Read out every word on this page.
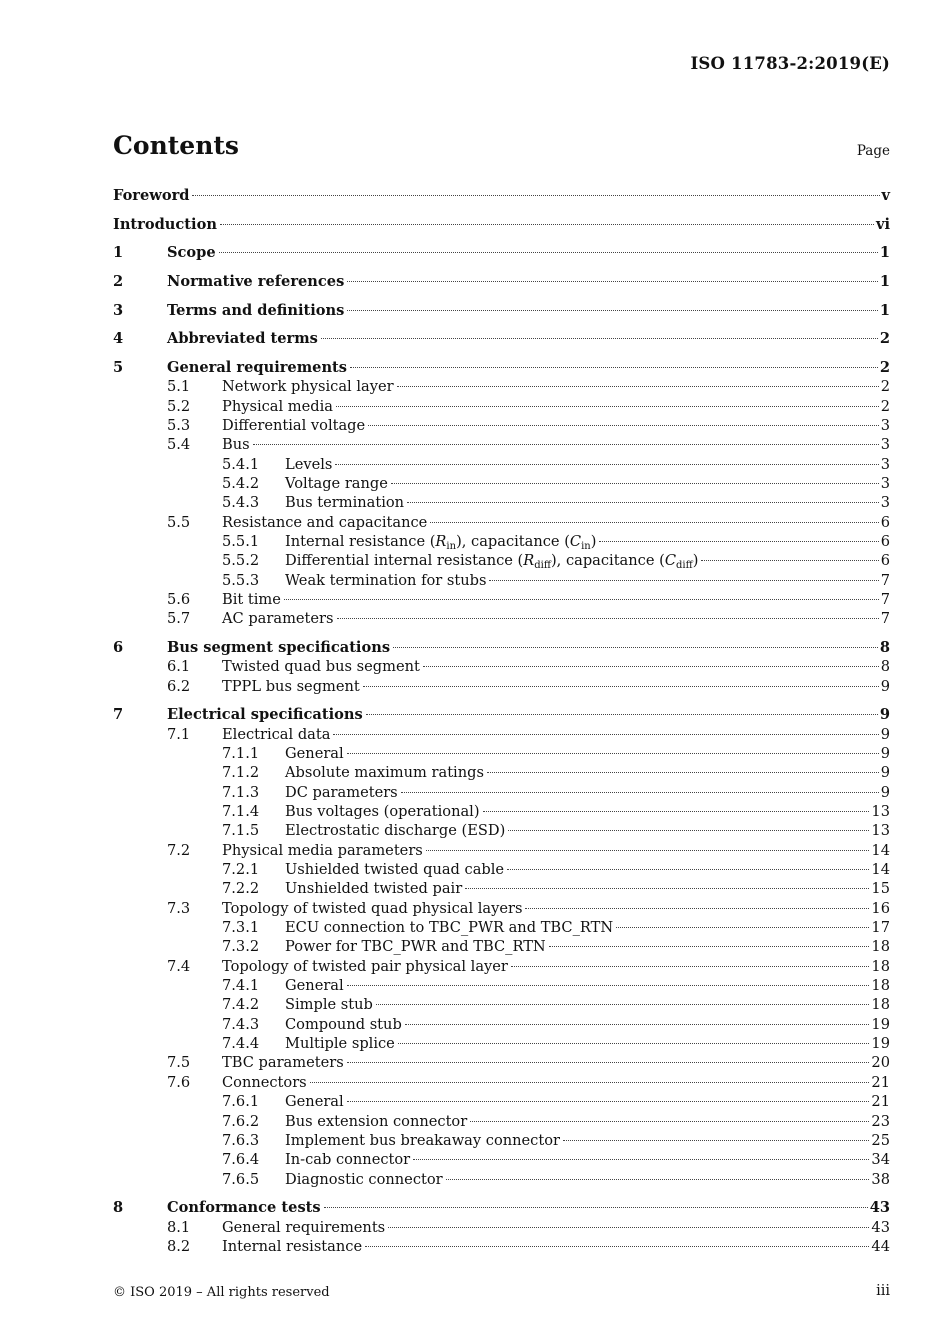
ISO 11783-2:2019(E)
Contents	Page
Foreword	v
Introduction	vi
1	Scope	1
2	Normative references	1
3	Terms and definitions	1
4	Abbreviated terms	2
5	General requirements	2
5.1 Network physical layer	2
5.2 Physical media	2
5.3 Differential voltage	3
5.4 Bus	3
5.4.1 Levels	3
5.4.2 Voltage range	3
5.4.3 Bus termination	3
5.5 Resistance and capacitance	6
5.5.1 Internal resistance $(R_{in})$, capacitance $(C_{in})$	6
5.5.2 Differential internal resistance $(R_{diff})$, capacitance $(C_{diff})$	6
5.5.3 Weak termination for stubs	7
5.6 Bit time	7
5.7 AC parameters	7
6	Bus segment specifications	8
6.1 Twisted quad bus segment	8
6.2 TPPL bus segment	9
7	Electrical specifications	9
7.1 Electrical data	9
7.1.1 General	9
7.1.2 Absolute maximum ratings	9
7.1.3 DC parameters	9
7.1.4 Bus voltages (operational)	13
7.1.5 Electrostatic discharge (ESD)	13
7.2 Physical media parameters	14
7.2.1 Ushielded twisted quad cable	14
7.2.2 Unshielded twisted pair	15
7.3 Topology of twisted quad physical layers	16
7.3.1 ECU connection to TBC_PWR and TBC_RTN	17
7.3.2 Power for TBC_PWR and TBC_RTN	18
7.4 Topology of twisted pair physical layer	18
7.4.1 General	18
7.4.2 Simple stub	18
7.4.3 Compound stub	19
7.4.4 Multiple splice	19
7.5 TBC parameters	20
7.6 Connectors	21
7.6.1 General	21
7.6.2 Bus extension connector	23
7.6.3 Implement bus breakaway connector	25
7.6.4 In-cab connector	34
7.6.5 Diagnostic connector	38
8	Conformance tests	43
8.1 General requirements	43
8.2 Internal resistance	44
© ISO 2019 – All rights reserved	iii
